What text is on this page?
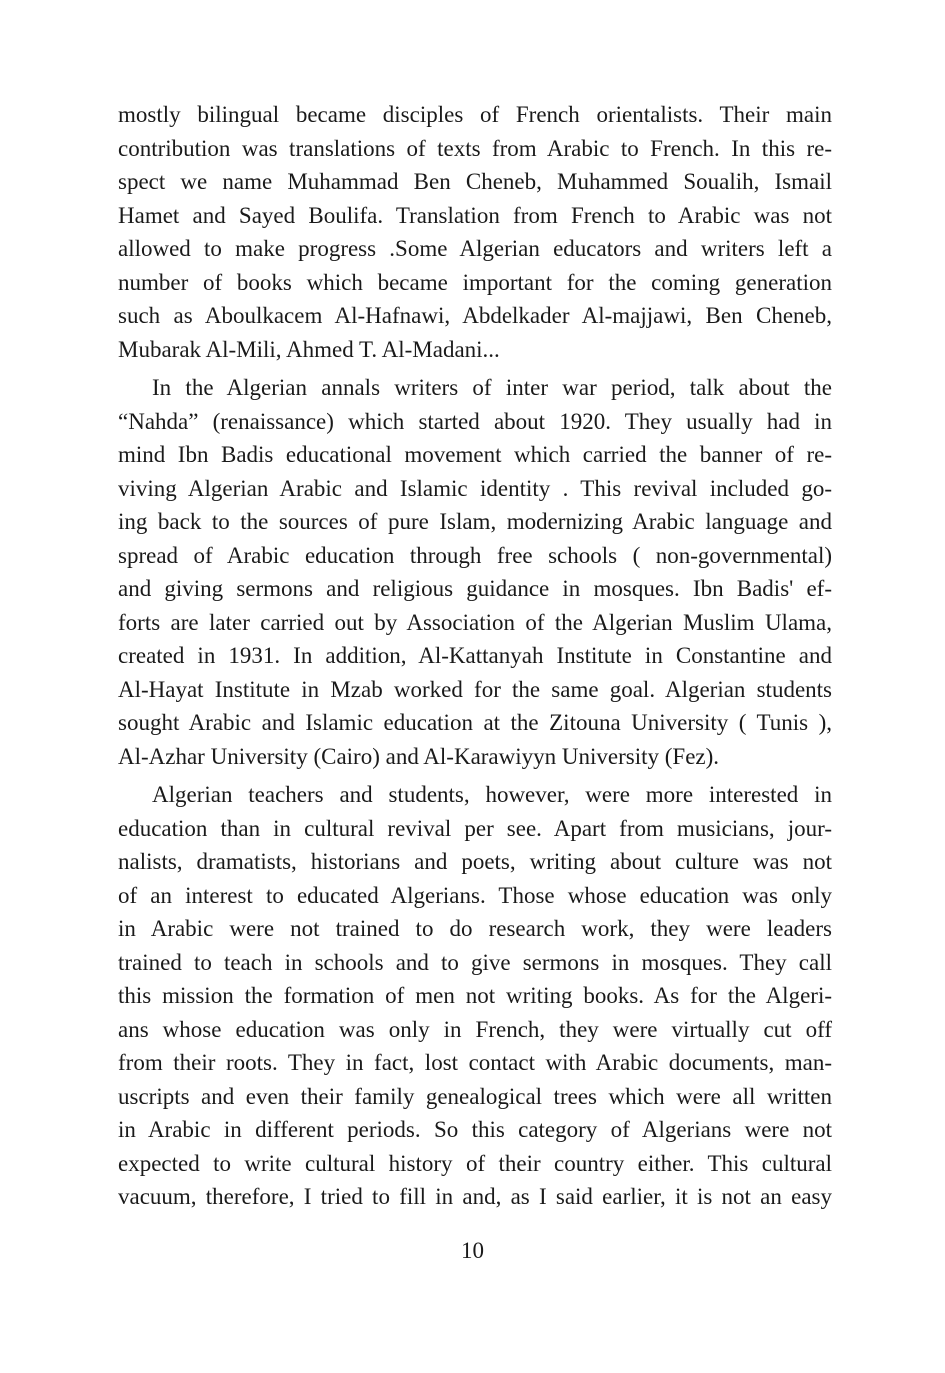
mostly bilingual became disciples of French orientalists. Their main
contribution was translations of texts from Arabic to French. In this re-
spect we name Muhammad Ben Cheneb, Muhammed Soualih, Ismail
Hamet and Sayed Boulifa. Translation from French to Arabic was not
allowed to make progress .Some Algerian educators and writers left a
number of books which became important for the coming generation
such as Aboulkacem Al-Hafnawi, Abdelkader Al-majjawi, Ben Cheneb,
Mubarak Al-Mili, Ahmed T. Al-Madani...

In the Algerian annals writers of inter war period, talk about the
“Nahda” (renaissance) which started about 1920. They usually had in
mind Ibn Badis educational movement which carried the banner of re-
viving Algerian Arabic and Islamic identity . This revival included go-
ing back to the sources of pure Islam, modernizing Arabic language and
spread of Arabic education through free schools ( non-governmental)
and giving sermons and religious guidance in mosques. Ibn Badis' ef-
forts are later carried out by Association of the Algerian Muslim Ulama,
created in 1931. In addition, Al-Kattanyah Institute in Constantine and
Al-Hayat Institute in Mzab worked for the same goal. Algerian students
sought Arabic and Islamic education at the Zitouna University ( Tunis ),
Al-Azhar University (Cairo) and Al-Karawiyyn University (Fez).

Algerian teachers and students, however, were more interested in
education than in cultural revival per see. Apart from musicians, jour-
nalists, dramatists, historians and poets, writing about culture was not
of an interest to educated Algerians. Those whose education was only
in Arabic were not trained to do research work, they were leaders
trained to teach in schools and to give sermons in mosques. They call
this mission the formation of men not writing books. As for the Algeri-
ans whose education was only in French, they were virtually cut off
from their roots. They in fact, lost contact with Arabic documents, man-
uscripts and even their family genealogical trees which were all written
in Arabic in different periods. So this category of Algerians were not
expected to write cultural history of their country either. This cultural
vacuum, therefore, I tried to fill in and, as I said earlier, it is not an easy

10
